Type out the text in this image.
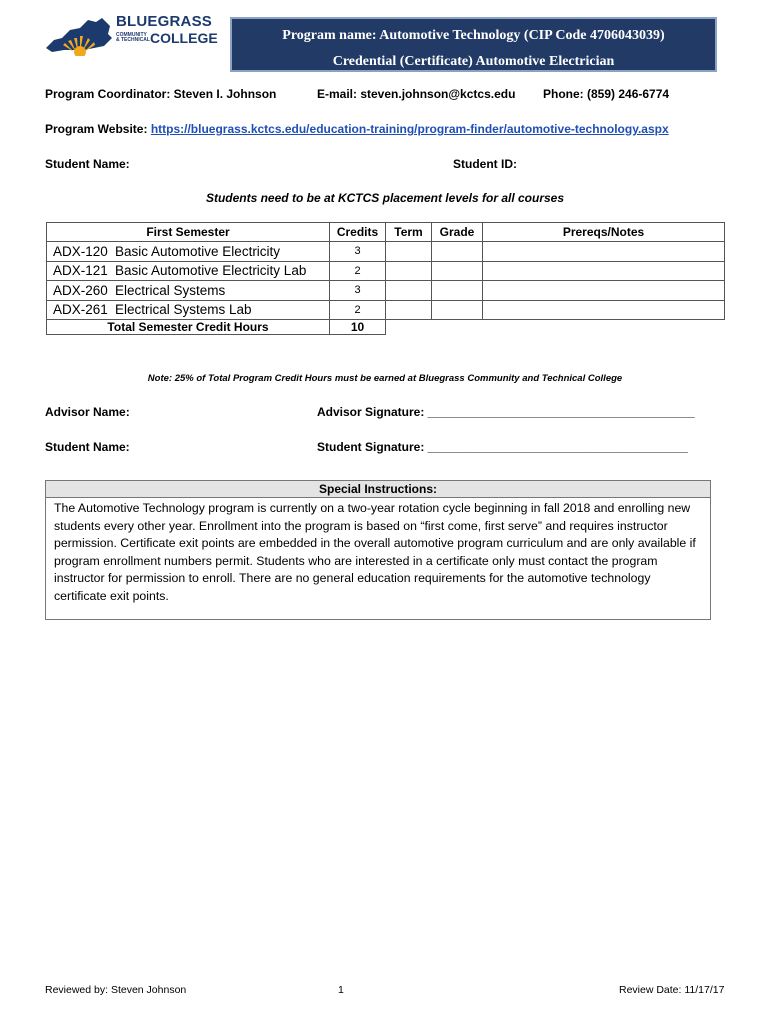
BLUEGRASS
COMMUNITY & TECHNICALCOLLEGE	Program name: Automotive Technology (CIP Code 4706043039)
Credential (Certificate) Automotive Electrician
Program Coordinator: Steven I. Johnson	E-mail: steven.johnson@kctcs.edu Phone: (859) 246-6774
Program Website: https://bluegrass.kctcs.edu/education-training/program-finder/automotive-technology.aspx
Student Name:	Student ID:
Students need to be at KCTCS placement levels for all courses
First Semester	Credits	Term	Grade	Prereqs/Notes
ADX-120 Basic Automotive Electricity	3			
ADX-121 Basic Automotive Electricity Lab	2			
ADX-260 Electrical Systems	3			
ADX-261 Electrical Systems Lab	2			
Total Semester Credit Hours	10			
Note: 25% of Total Program Credit Hours must be earned at Bluegrass Community and Technical College
Advisor Name:	Advisor Signature: ________________________________________
Student Name:	Student Signature: _______________________________________
Special Instructions:
The Automotive Technology program is currently on a two-year rotation cycle beginning in fall 2018 and enrolling new students every other year. Enrollment into the program is based on “first come, first serve” and requires instructor permission. Certificate exit points are embedded in the overall automotive program curriculum and are only available if program enrollment numbers permit. Students who are interested in a certificate only must contact the program instructor for permission to enroll. There are no general education requirements for the automotive technology certificate exit points.
Reviewed by: Steven Johnson	1	Review Date: 11/17/17
